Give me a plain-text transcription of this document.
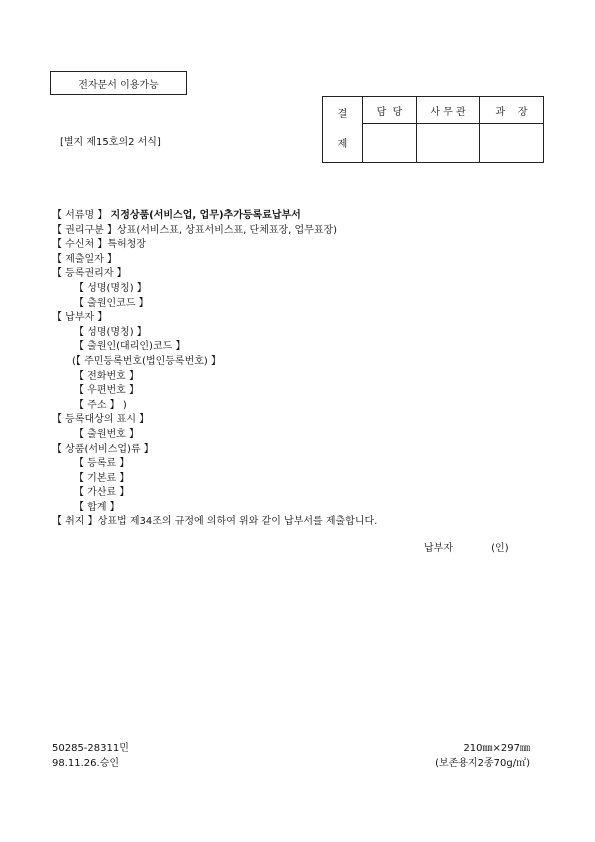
전자문서 이용가능
[별지 제15호의2 서식]
결
제	담  당	사 무 관	과    장

【 서류명 】 지정상품(서비스업, 업무)추가등록료납부서
【 권리구분 】상표(서비스표, 상표서비스표, 단체표장, 업무표장)
【 수신처 】특허청장
【 제출일자 】
【 등록권리자 】
【 성명(명칭) 】
【 출원인코드 】
【 납부자 】
【 성명(명칭) 】
【 출원인(대리인)코드 】
(【 주민등록번호(법인등록번호) 】
【 전화번호 】
【 우편번호 】
【 주소 】 )
【 등록대상의 표시 】
【 출원번호 】
【 상품(서비스업)류 】
【 등록료 】
【 기본료 】
【 가산료 】
【 합계 】
【 취지 】상표법 제34조의 규정에 의하여 위와 같이 납부서를 제출합니다.
납부자	(인)
50285-28311민
98.11.26.승인
210㎜×297㎜
(보존용지2종70g/㎡)
